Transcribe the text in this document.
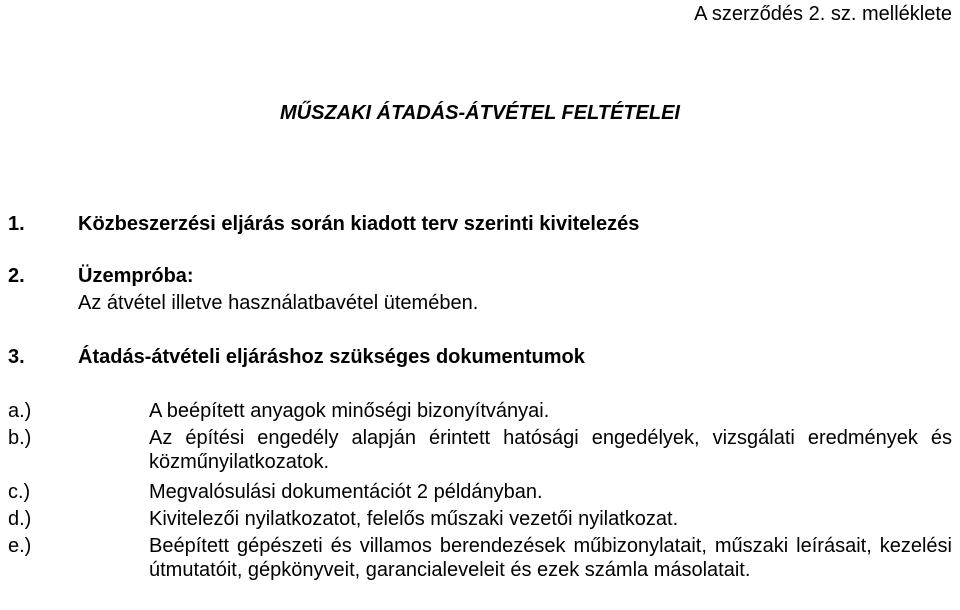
A szerződés 2. sz. melléklete
MŰSZAKI ÁTADÁS-ÁTVÉTEL FELTÉTELEI
1.	Közbeszerzési eljárás során kiadott terv szerinti kivitelezés
2.	Üzempróba:
Az átvétel illetve használatbavétel ütemében.
3.	Átadás-átvételi eljáráshoz szükséges dokumentumok
a.)	A beépített anyagok minőségi bizonyítványai.
b.)	Az építési engedély alapján érintett hatósági engedélyek, vizsgálati eredmények és közműnyilatkozatok.
c.)	Megvalósulási dokumentációt 2 példányban.
d.)	Kivitelezői nyilatkozatot, felelős műszaki vezetői nyilatkozat.
e.)	Beépített gépészeti és villamos berendezések műbizonylatait, műszaki leírásait, kezelési útmutatóit, gépkönyveit, garancialeveleit és ezek számla másolatait.
